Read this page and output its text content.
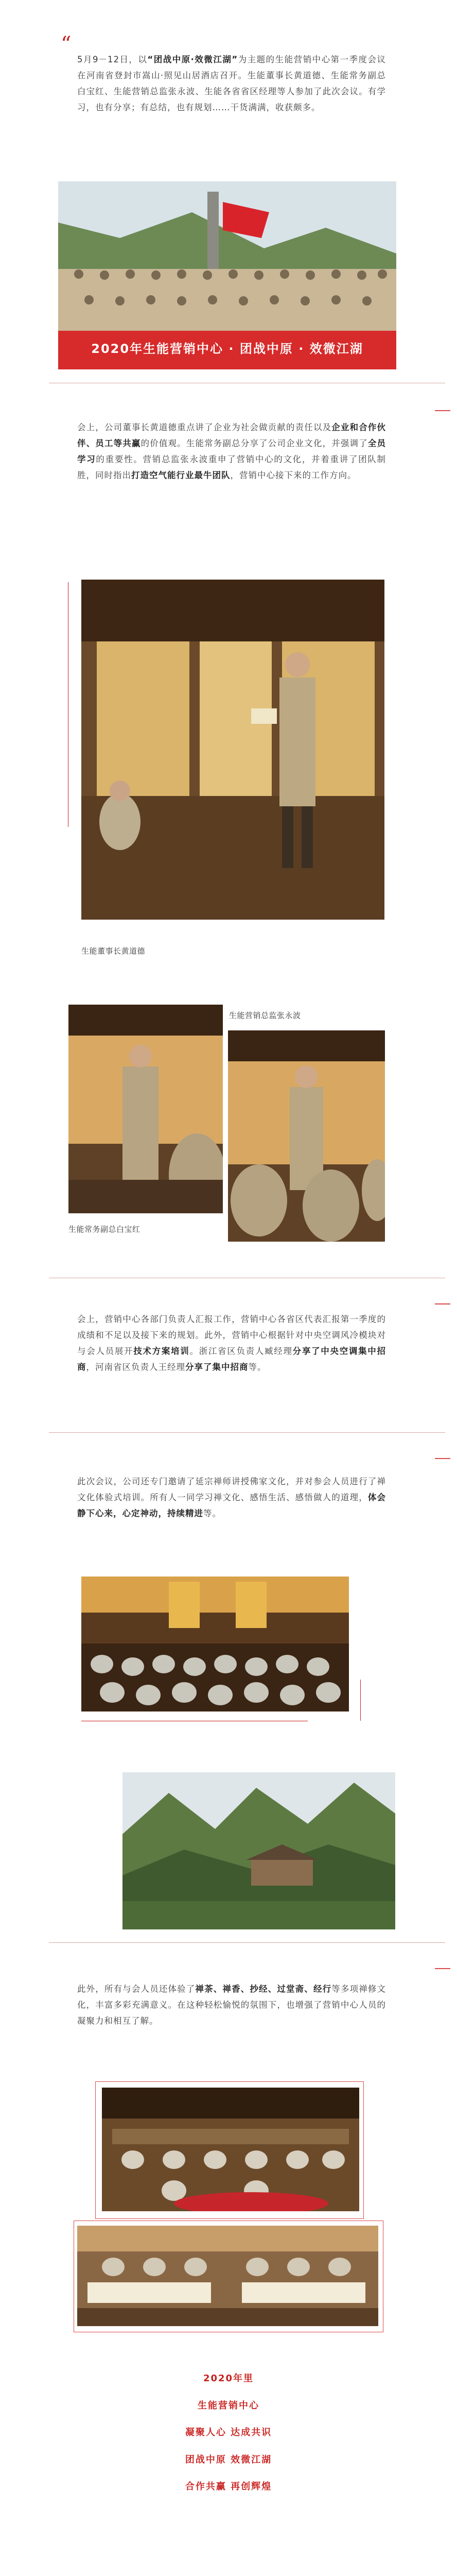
“

5月9－12日，以“团战中原·效微江湖”为主题的生能营销中心第一季度会议在河南省登封市嵩山·照见山居酒店召开。生能董事长黄道德、生能常务副总白宝红、生能营销总监张永波、生能各省省区经理等人参加了此次会议。有学习，也有分享；有总结，也有规划……干货满满，收获颇多。

2020年生能营销中心 · 团战中原 · 效微江湖

会上，公司董事长黄道德重点讲了企业为社会做贡献的责任以及企业和合作伙伴、员工等共赢的价值观。生能常务副总分享了公司企业文化，并强调了全员学习的重要性。营销总监张永波重申了营销中心的文化，并着重讲了团队制胜，同时指出打造空气能行业最牛团队，营销中心接下来的工作方向。

生能董事长黄道德
生能营销总监张永波
生能常务副总白宝红

会上，营销中心各部门负责人汇报工作，营销中心各省区代表汇报第一季度的成绩和不足以及接下来的规划。此外，营销中心根据针对中央空调风冷模块对与会人员展开技术方案培训。浙江省区负责人臧经理分享了中央空调集中招商，河南省区负责人王经理分享了集中招商等。

此次会议，公司还专门邀请了延宗禅师讲授佛家文化，并对参会人员进行了禅文化体验式培训。所有人一同学习禅文化、感悟生活、感悟做人的道理，体会静下心来，心定神动，持续精进等。

此外，所有与会人员还体验了禅茶、禅香、抄经、过堂斋、经行等多项禅修文化，丰富多彩充满意义。在这种轻松愉悦的氛围下，也增强了营销中心人员的凝聚力和相互了解。

2020年里
生能营销中心
凝聚人心 达成共识
团战中原 效微江湖
合作共赢 再创辉煌
